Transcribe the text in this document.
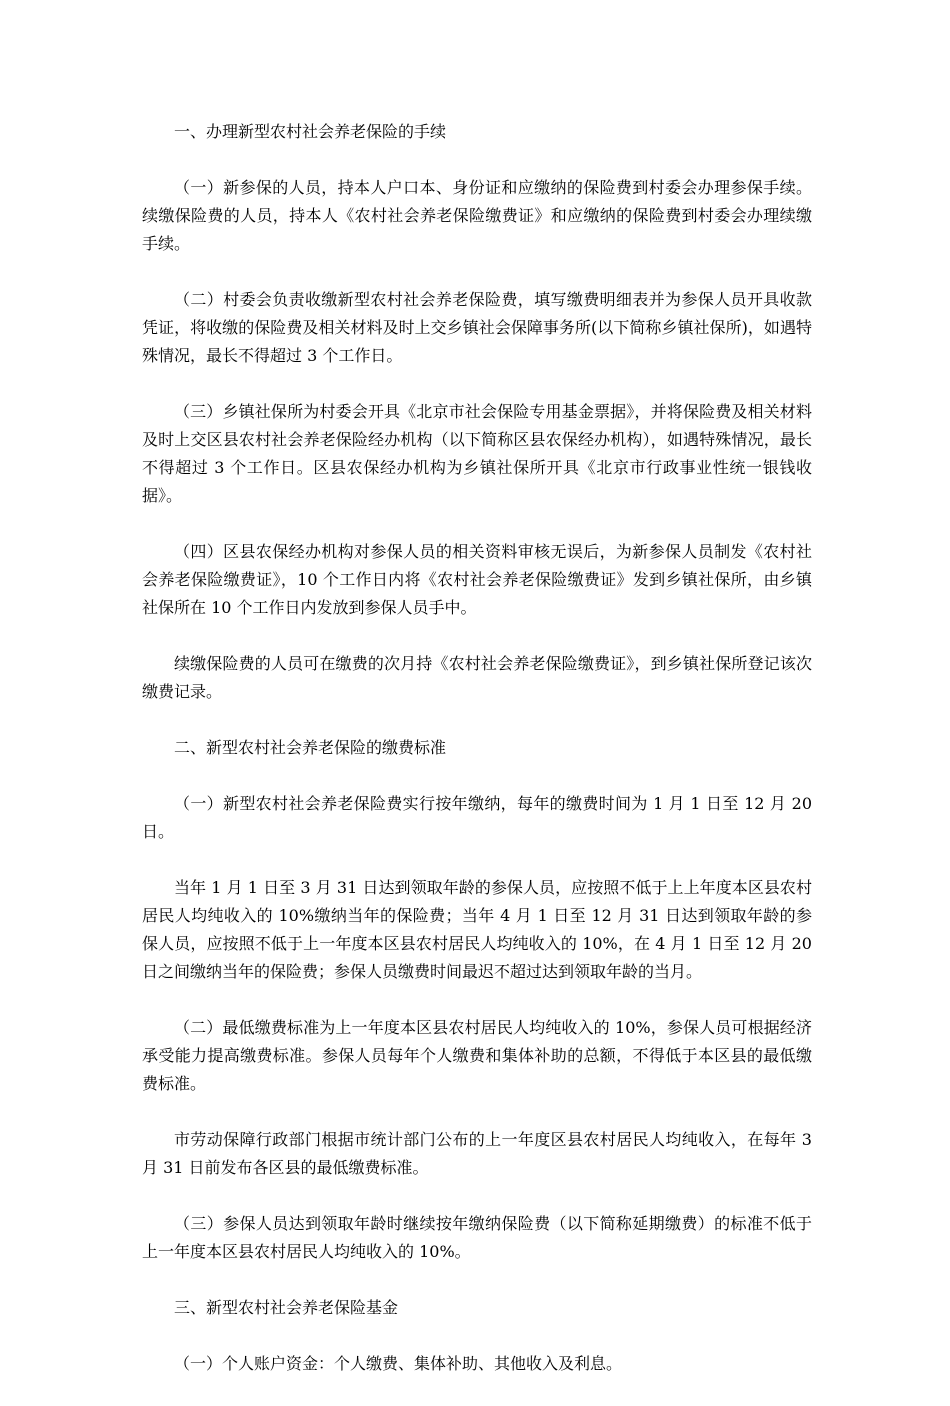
一、办理新型农村社会养老保险的手续

（一）新参保的人员，持本人户口本、身份证和应缴纳的保险费到村委会办理参保手续。续缴保险费的人员，持本人《农村社会养老保险缴费证》和应缴纳的保险费到村委会办理续缴手续。

（二）村委会负责收缴新型农村社会养老保险费，填写缴费明细表并为参保人员开具收款凭证，将收缴的保险费及相关材料及时上交乡镇社会保障事务所(以下简称乡镇社保所)，如遇特殊情况，最长不得超过 3 个工作日。

（三）乡镇社保所为村委会开具《北京市社会保险专用基金票据》，并将保险费及相关材料及时上交区县农村社会养老保险经办机构（以下简称区县农保经办机构），如遇特殊情况，最长不得超过 3 个工作日。区县农保经办机构为乡镇社保所开具《北京市行政事业性统一银钱收据》。

（四）区县农保经办机构对参保人员的相关资料审核无误后，为新参保人员制发《农村社会养老保险缴费证》，10 个工作日内将《农村社会养老保险缴费证》发到乡镇社保所，由乡镇社保所在 10 个工作日内发放到参保人员手中。

续缴保险费的人员可在缴费的次月持《农村社会养老保险缴费证》，到乡镇社保所登记该次缴费记录。

二、新型农村社会养老保险的缴费标准

（一）新型农村社会养老保险费实行按年缴纳，每年的缴费时间为 1 月 1 日至 12 月 20 日。

当年 1 月 1 日至 3 月 31 日达到领取年龄的参保人员，应按照不低于上上年度本区县农村居民人均纯收入的 10%缴纳当年的保险费；当年 4 月 1 日至 12 月 31 日达到领取年龄的参保人员，应按照不低于上一年度本区县农村居民人均纯收入的 10%，在 4 月 1 日至 12 月 20 日之间缴纳当年的保险费；参保人员缴费时间最迟不超过达到领取年龄的当月。

（二）最低缴费标准为上一年度本区县农村居民人均纯收入的 10%，参保人员可根据经济承受能力提高缴费标准。参保人员每年个人缴费和集体补助的总额，不得低于本区县的最低缴费标准。

市劳动保障行政部门根据市统计部门公布的上一年度区县农村居民人均纯收入，在每年 3 月 31 日前发布各区县的最低缴费标准。

（三）参保人员达到领取年龄时继续按年缴纳保险费（以下简称延期缴费）的标准不低于上一年度本区县农村居民人均纯收入的 10%。

三、新型农村社会养老保险基金

（一）个人账户资金：个人缴费、集体补助、其他收入及利息。
